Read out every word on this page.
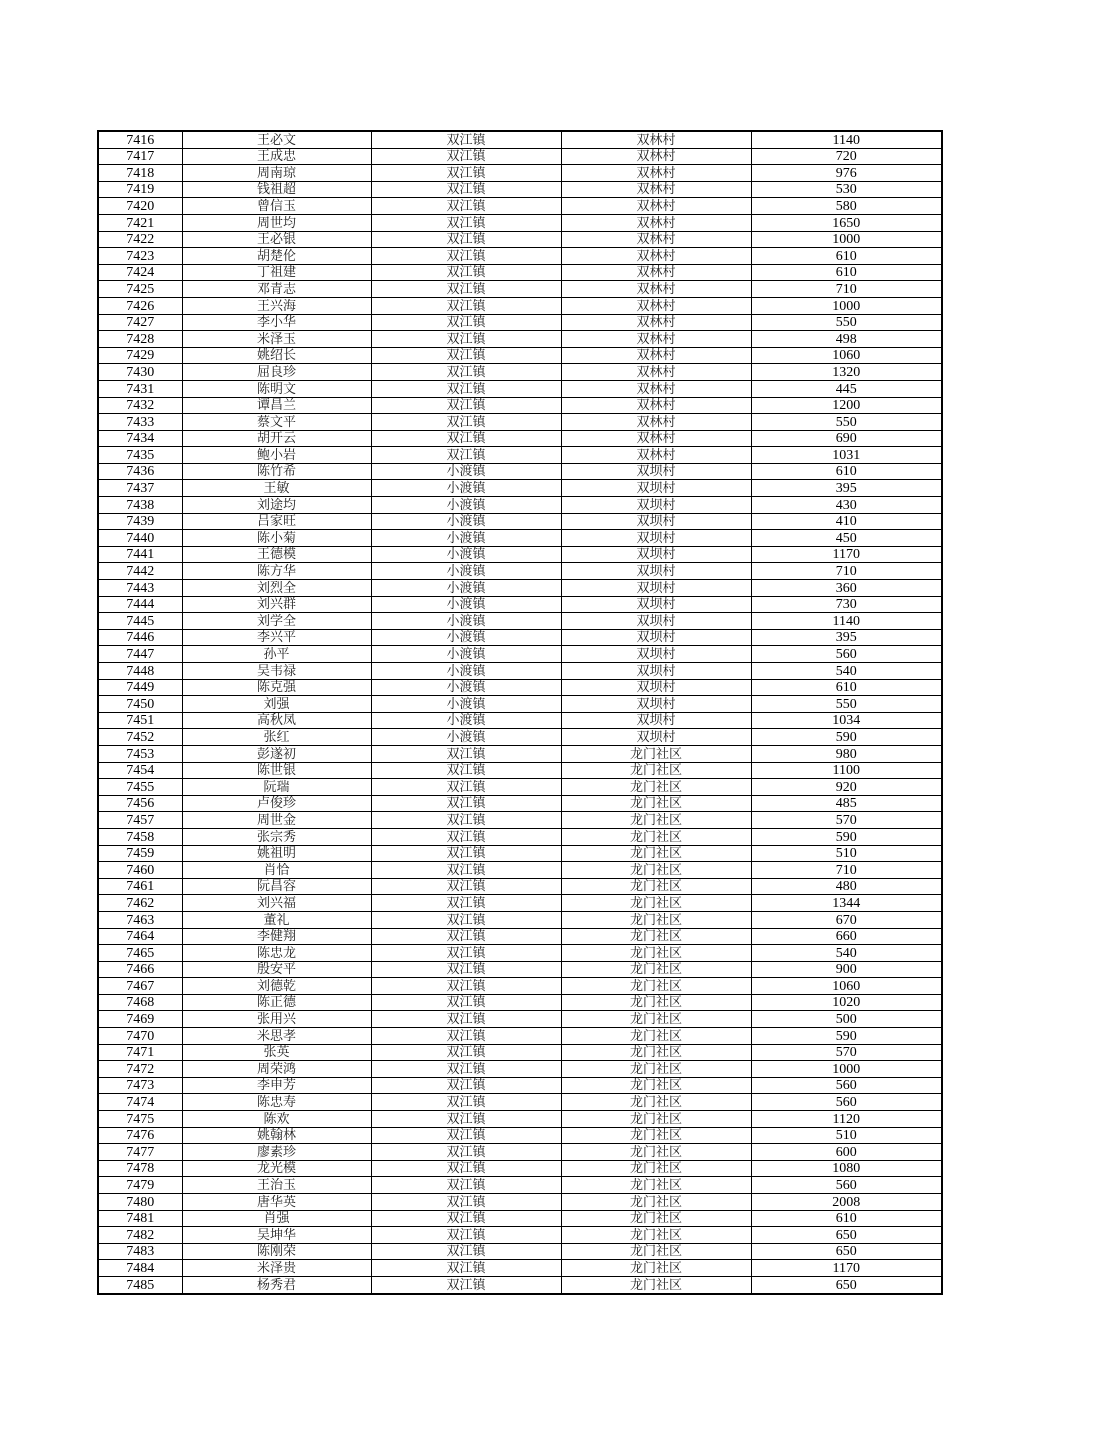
7416	王必文	双江镇	双林村	1140
7417	王成忠	双江镇	双林村	720
7418	周南琼	双江镇	双林村	976
7419	钱祖超	双江镇	双林村	530
7420	曾信玉	双江镇	双林村	580
7421	周世均	双江镇	双林村	1650
7422	王必银	双江镇	双林村	1000
7423	胡楚伦	双江镇	双林村	610
7424	丁祖建	双江镇	双林村	610
7425	邓青志	双江镇	双林村	710
7426	王兴海	双江镇	双林村	1000
7427	李小华	双江镇	双林村	550
7428	米泽玉	双江镇	双林村	498
7429	姚绍长	双江镇	双林村	1060
7430	屈良珍	双江镇	双林村	1320
7431	陈明文	双江镇	双林村	445
7432	谭昌兰	双江镇	双林村	1200
7433	蔡文平	双江镇	双林村	550
7434	胡开云	双江镇	双林村	690
7435	鲍小岩	双江镇	双林村	1031
7436	陈竹希	小渡镇	双坝村	610
7437	王敏	小渡镇	双坝村	395
7438	刘途均	小渡镇	双坝村	430
7439	吕家旺	小渡镇	双坝村	410
7440	陈小菊	小渡镇	双坝村	450
7441	王德模	小渡镇	双坝村	1170
7442	陈方华	小渡镇	双坝村	710
7443	刘烈全	小渡镇	双坝村	360
7444	刘兴群	小渡镇	双坝村	730
7445	刘学全	小渡镇	双坝村	1140
7446	李兴平	小渡镇	双坝村	395
7447	孙平	小渡镇	双坝村	560
7448	吴韦禄	小渡镇	双坝村	540
7449	陈克强	小渡镇	双坝村	610
7450	刘强	小渡镇	双坝村	550
7451	高秋凤	小渡镇	双坝村	1034
7452	张红	小渡镇	双坝村	590
7453	彭遂初	双江镇	龙门社区	980
7454	陈世银	双江镇	龙门社区	1100
7455	阮瑞	双江镇	龙门社区	920
7456	卢俊珍	双江镇	龙门社区	485
7457	周世金	双江镇	龙门社区	570
7458	张宗秀	双江镇	龙门社区	590
7459	姚祖明	双江镇	龙门社区	510
7460	肖恰	双江镇	龙门社区	710
7461	阮昌容	双江镇	龙门社区	480
7462	刘兴福	双江镇	龙门社区	1344
7463	董礼	双江镇	龙门社区	670
7464	李健翔	双江镇	龙门社区	660
7465	陈忠龙	双江镇	龙门社区	540
7466	殷安平	双江镇	龙门社区	900
7467	刘德乾	双江镇	龙门社区	1060
7468	陈正德	双江镇	龙门社区	1020
7469	张用兴	双江镇	龙门社区	500
7470	米思孝	双江镇	龙门社区	590
7471	张英	双江镇	龙门社区	570
7472	周荣鸿	双江镇	龙门社区	1000
7473	李申芳	双江镇	龙门社区	560
7474	陈忠寿	双江镇	龙门社区	560
7475	陈欢	双江镇	龙门社区	1120
7476	姚翰林	双江镇	龙门社区	510
7477	廖素珍	双江镇	龙门社区	600
7478	龙光模	双江镇	龙门社区	1080
7479	王治玉	双江镇	龙门社区	560
7480	唐华英	双江镇	龙门社区	2008
7481	肖强	双江镇	龙门社区	610
7482	吴坤华	双江镇	龙门社区	650
7483	陈刚荣	双江镇	龙门社区	650
7484	米泽贵	双江镇	龙门社区	1170
7485	杨秀君	双江镇	龙门社区	650
